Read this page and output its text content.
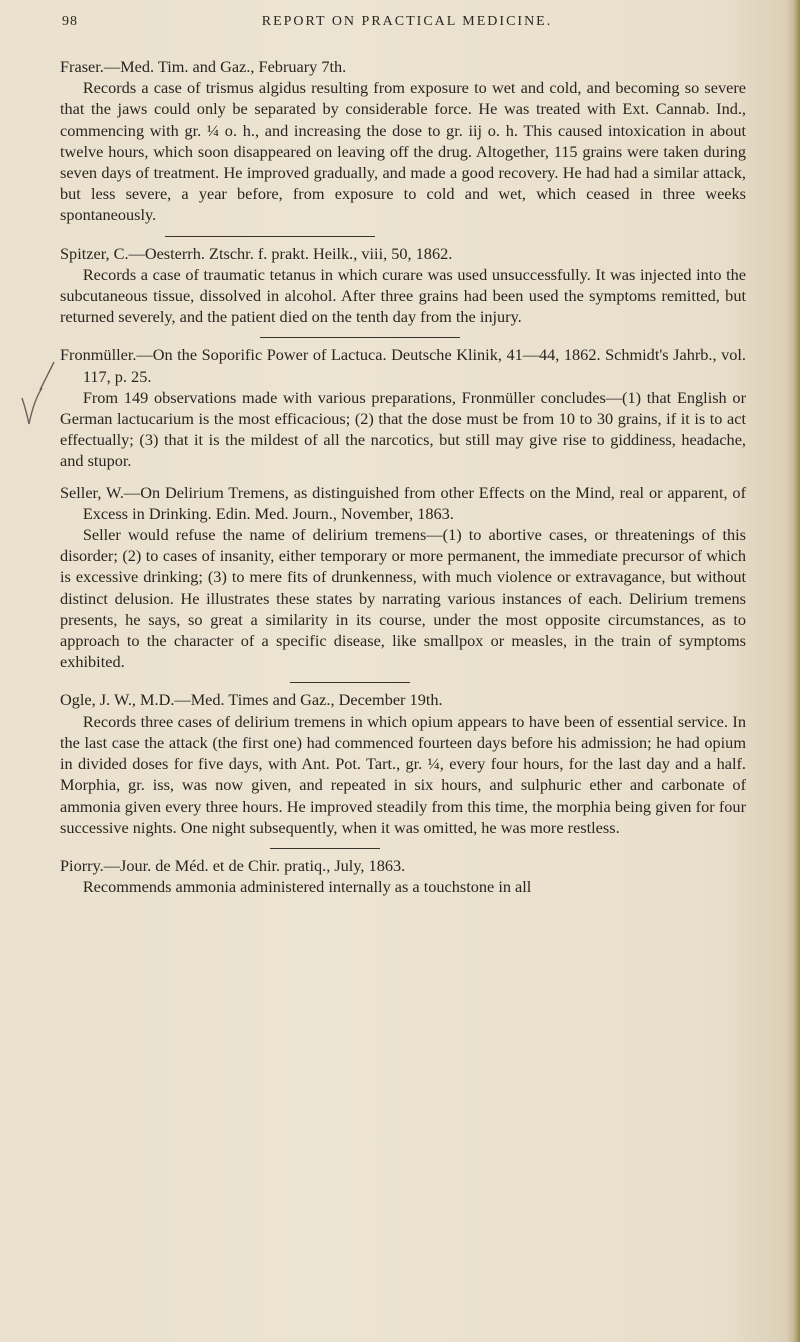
98	REPORT ON PRACTICAL MEDICINE.

Fraser.—Med. Tim. and Gaz., February 7th.

Records a case of trismus algidus resulting from exposure to wet and cold, and becoming so severe that the jaws could only be separated by considerable force. He was treated with Ext. Cannab. Ind., commencing with gr. ¼ o. h., and increasing the dose to gr. iij o. h. This caused intoxication in about twelve hours, which soon disappeared on leaving off the drug. Altogether, 115 grains were taken during seven days of treatment. He improved gradually, and made a good recovery. He had had a similar attack, but less severe, a year before, from exposure to cold and wet, which ceased in three weeks spontaneously.

Spitzer, C.—Oesterrh. Ztschr. f. prakt. Heilk., viii, 50, 1862.

Records a case of traumatic tetanus in which curare was used unsuccessfully. It was injected into the subcutaneous tissue, dissolved in alcohol. After three grains had been used the symptoms remitted, but returned severely, and the patient died on the tenth day from the injury.

Fronmüller.—On the Soporific Power of Lactuca. Deutsche Klinik, 41—44, 1862. Schmidt's Jahrb., vol. 117, p. 25.

From 149 observations made with various preparations, Fronmüller concludes—(1) that English or German lactucarium is the most efficacious; (2) that the dose must be from 10 to 30 grains, if it is to act effectually; (3) that it is the mildest of all the narcotics, but still may give rise to giddiness, headache, and stupor.

Seller, W.—On Delirium Tremens, as distinguished from other Effects on the Mind, real or apparent, of Excess in Drinking. Edin. Med. Journ., November, 1863.

Seller would refuse the name of delirium tremens—(1) to abortive cases, or threatenings of this disorder; (2) to cases of insanity, either temporary or more permanent, the immediate precursor of which is excessive drinking; (3) to mere fits of drunkenness, with much violence or extravagance, but without distinct delusion. He illustrates these states by narrating various instances of each. Delirium tremens presents, he says, so great a similarity in its course, under the most opposite circumstances, as to approach to the character of a specific disease, like smallpox or measles, in the train of symptoms exhibited.

Ogle, J. W., M.D.—Med. Times and Gaz., December 19th.

Records three cases of delirium tremens in which opium appears to have been of essential service. In the last case the attack (the first one) had commenced fourteen days before his admission; he had opium in divided doses for five days, with Ant. Pot. Tart., gr. ¼, every four hours, for the last day and a half. Morphia, gr. iss, was now given, and repeated in six hours, and sulphuric ether and carbonate of ammonia given every three hours. He improved steadily from this time, the morphia being given for four successive nights. One night subsequently, when it was omitted, he was more restless.

Piorry.—Jour. de Méd. et de Chir. pratiq., July, 1863.

Recommends ammonia administered internally as a touchstone in all
